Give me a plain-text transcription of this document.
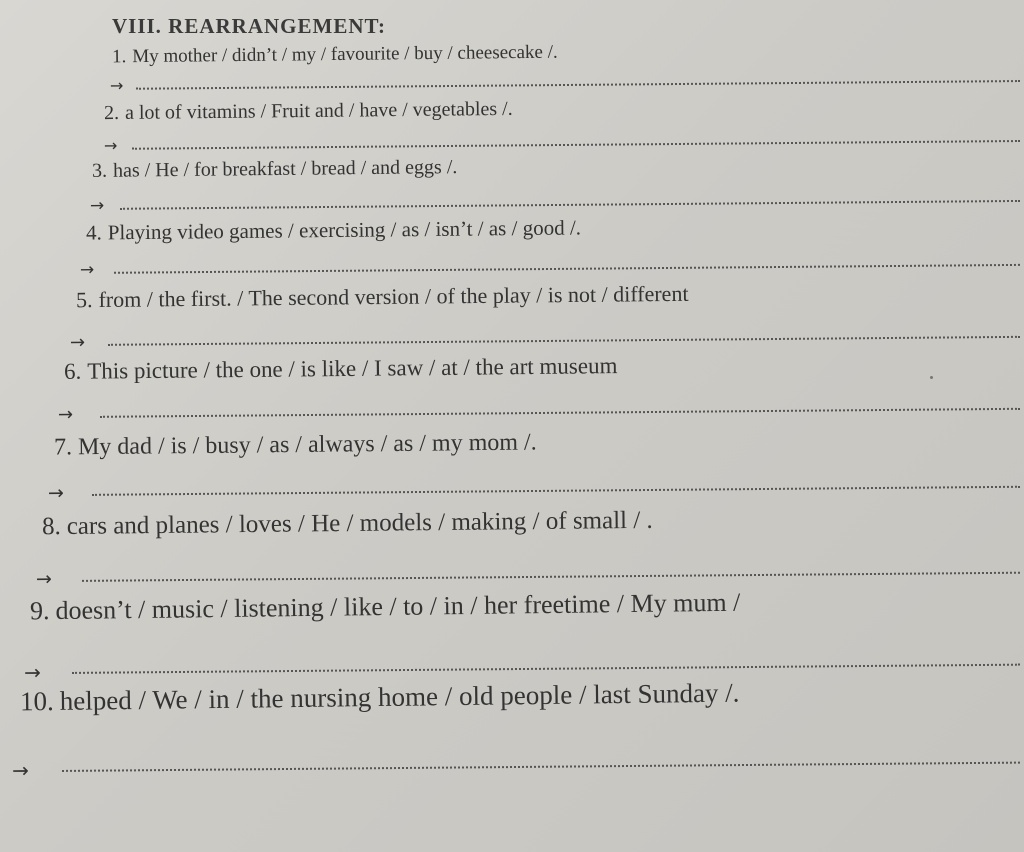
VIII. REARRANGEMENT:
1. My mother / didn’t / my / favourite / buy / cheesecake /.
→
2. a lot of vitamins / Fruit and / have / vegetables /.
→
3. has / He / for breakfast / bread / and eggs /.
→
4. Playing video games / exercising / as / isn’t / as / good /.
→
5. from / the first. / The second version / of the play / is not / different
→
6. This picture / the one / is like / I saw / at / the art museum
→
7. My dad / is / busy / as / always / as / my mom /.
→
8. cars and planes / loves / He / models / making / of small / .
→
9. doesn’t / music / listening / like / to / in / her freetime / My mum /
→
10. helped / We / in / the nursing home / old people / last Sunday /.
→
